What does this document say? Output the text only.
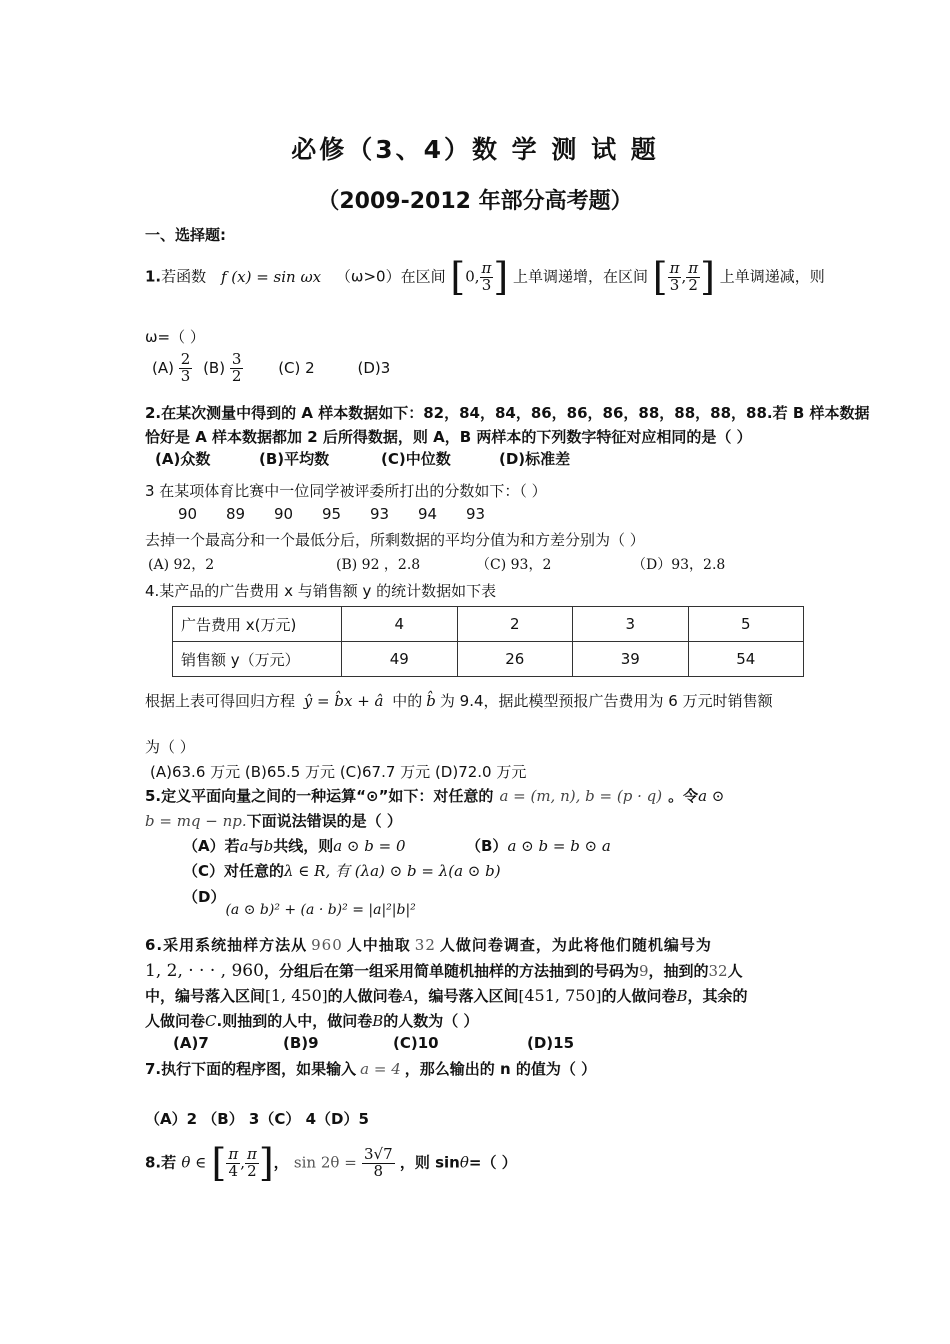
必修（3、4）数 学 测 试 题
（2009-2012 年部分高考题）
一、选择题:
1.若函数 f (x) = sin ωx （ω>0）在区间 [0, $\frac{\pi}{3}$ ] 上单调递增，在区间 [ $\frac{\pi}{3}$ , $\frac{\pi}{2}$ ] 上单调递减，则
ω=（ ）
$(A) \frac{2}{3} (B) \frac{3}{2} (C)$ 2	(D)3
2.在某次测量中得到的 A 样本数据如下：82，84，84，86，86，86，88，88，88，88.若 B 样本数据
恰好是 A 样本数据都加 2 后所得数据，则 A，B 两样本的下列数字特征对应相同的是（ ）
(A)众数	(B)平均数	(C)中位数	(D)标准差
3 在某项体育比赛中一位同学被评委所打出的分数如下：（ ）
90 89 90 95 93 94 93
去掉一个最高分和一个最低分后，所剩数据的平均分值为和方差分别为（ ）
(A) 92，2	(B) 92 ，2.8	（C) 93，2	（D）93，2.8
4.某产品的广告费用 x 与销售额 y 的统计数据如下表
广告费用 x(万元)	4	2	3	5
销售额 y（万元）	49	26	39	54
根据上表可得回归方程 ŷ = b̂x + â 中的 b̂ 为 9.4，据此模型预报广告费用为 6 万元时销售额
为（ ）
(A)63.6 万元 (B)65.5 万元 (C)67.7 万元 (D)72.0 万元
5.定义平面向量之间的一种运算“⊙”如下：对任意的 a = (m, n), b = (p · q) 。令a ⊙
b = mq − np.下面说法错误的是（ ）
（A）若a与b共线，则a ⊙ b = 0	（B）a ⊙ b = b ⊙ a
（C）对任意的λ ∈ R, 有 (λa) ⊙ b = λ(a ⊙ b)
（D）(a ⊙ b)² + (a · b)² = |a|²|b|²
6.采用系统抽样方法从 960 人中抽取 32 人做问卷调查，为此将他们随机编号为
1, 2, · · · , 960，分组后在第一组采用简单随机抽样的方法抽到的号码为9，抽到的32人
中，编号落入区间[1, 450]的人做问卷A，编号落入区间[451, 750]的人做问卷B，其余的
人做问卷C.则抽到的人中，做问卷B的人数为（ ）
(A)7	(B)9	(C)10	(D)15
7.执行下面的程序图，如果输入 a = 4 ，那么输出的 n 的值为（ ）
（A）2 （B） 3（C） 4（D）5
8.若 θ ∈ [ $\frac{\pi}{4}$ , $\frac{\pi}{2}$ ]， $\sin 2\theta = \frac{3√7}{8}$ ，则 sinθ=（ ）
